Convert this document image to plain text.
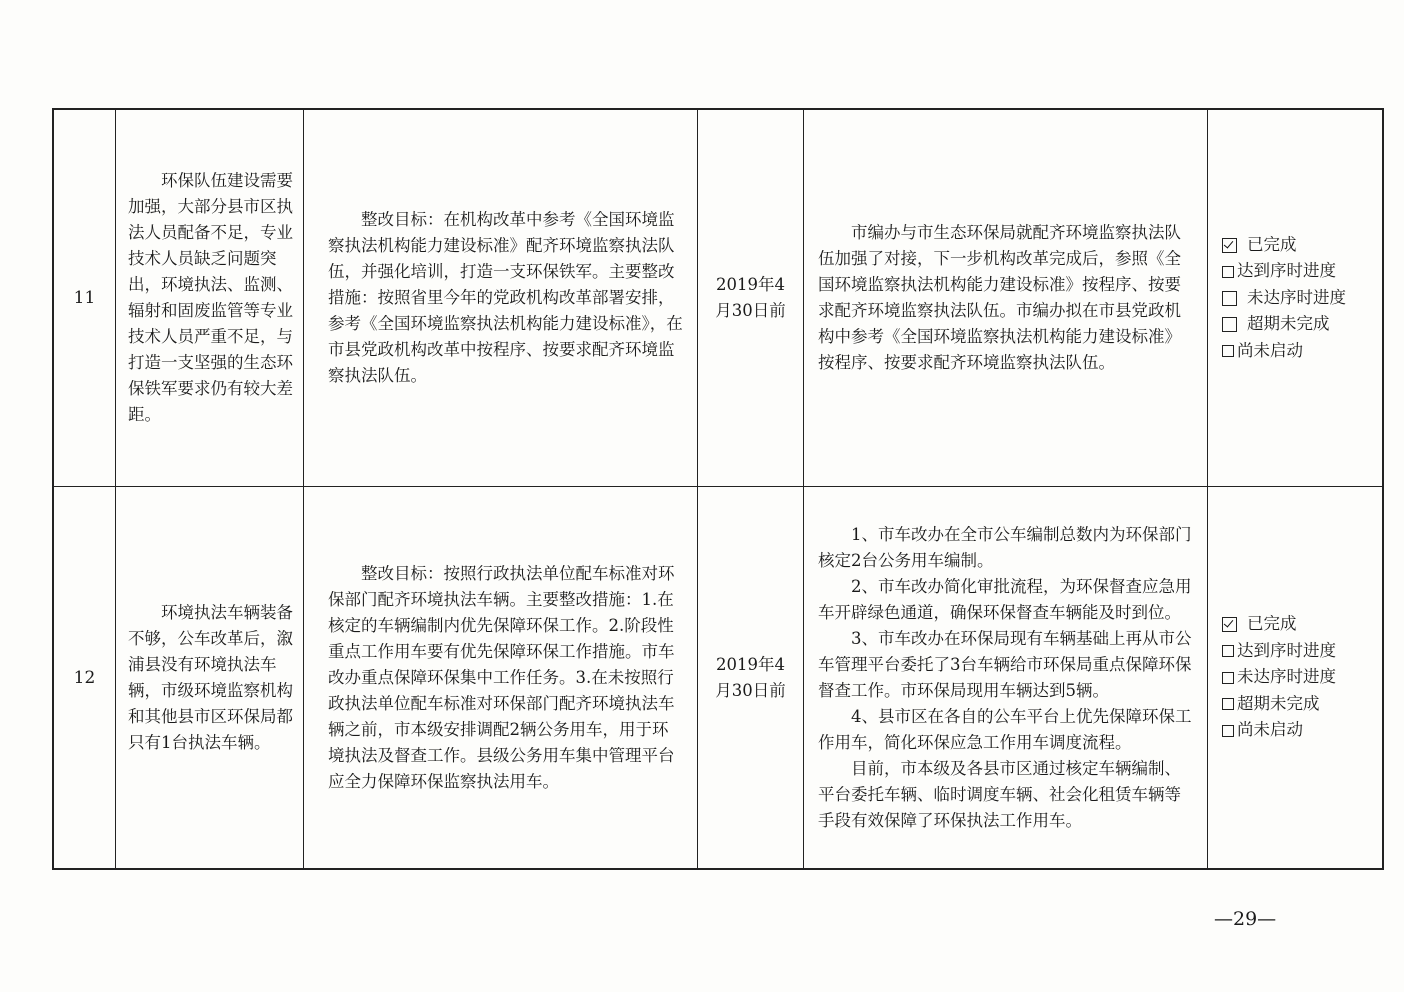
11
　　环保队伍建设需要加强，大部分县市区执法人员配备不足，专业技术人员缺乏问题突出，环境执法、监测、辐射和固废监管等专业技术人员严重不足，与打造一支坚强的生态环保铁军要求仍有较大差距。
　　整改目标：在机构改革中参考《全国环境监察执法机构能力建设标准》配齐环境监察执法队伍，并强化培训，打造一支环保铁军。主要整改措施：按照省里今年的党政机构改革部署安排，参考《全国环境监察执法机构能力建设标准》，在市县党政机构改革中按程序、按要求配齐环境监察执法队伍。
2019年4
月30日前
　　市编办与市生态环保局就配齐环境监察执法队伍加强了对接，下一步机构改革完成后，参照《全国环境监察执法机构能力建设标准》按程序、按要求配齐环境监察执法队伍。市编办拟在市县党政机构中参考《全国环境监察执法机构能力建设标准》按程序、按要求配齐环境监察执法队伍。
已完成
达到序时进度
未达序时进度
超期未完成
尚未启动
12
　　环境执法车辆装备不够，公车改革后，溆浦县没有环境执法车辆，市级环境监察机构和其他县市区环保局都只有1台执法车辆。
　　整改目标：按照行政执法单位配车标准对环保部门配齐环境执法车辆。主要整改措施：1.在核定的车辆编制内优先保障环保工作。2.阶段性重点工作用车要有优先保障环保工作措施。市车改办重点保障环保集中工作任务。3.在未按照行政执法单位配车标准对环保部门配齐环境执法车辆之前，市本级安排调配2辆公务用车，用于环境执法及督查工作。县级公务用车集中管理平台应全力保障环保监察执法用车。
2019年4
月30日前
　　1、市车改办在全市公车编制总数内为环保部门核定2台公务用车编制。
　　2、市车改办简化审批流程，为环保督查应急用车开辟绿色通道，确保环保督查车辆能及时到位。
　　3、市车改办在环保局现有车辆基础上再从市公车管理平台委托了3台车辆给市环保局重点保障环保督查工作。市环保局现用车辆达到5辆。
　　4、县市区在各自的公车平台上优先保障环保工作用车，简化环保应急工作用车调度流程。
　　目前，市本级及各县市区通过核定车辆编制、平台委托车辆、临时调度车辆、社会化租赁车辆等手段有效保障了环保执法工作用车。
已完成
达到序时进度
未达序时进度
超期未完成
尚未启动
—29—
